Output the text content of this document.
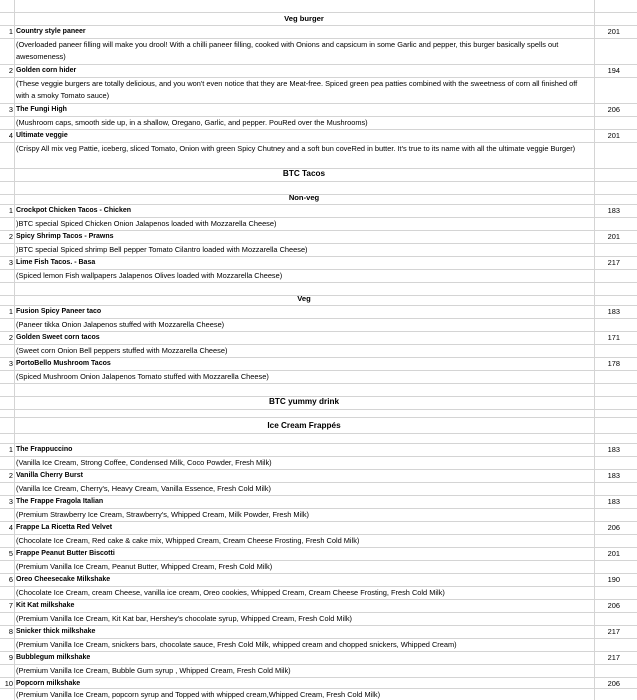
Veg burger
1 Country style paneer	201
(Overloaded paneer filling will make you drool! With a chilli paneer filling, cooked with Onions and capsicum in some Garlic and pepper, this burger basically spells out awesomeness)
2 Golden corn hider	194
(These veggie burgers are totally delicious, and you won't even notice that they are Meat-free. Spiced green pea patties combined with the sweetness of corn all finished off with a smoky Tomato sauce)
3 The Fungi High	206
(Mushroom caps, smooth side up, in a shallow, Oregano, Garlic, and pepper. PouRed over the Mushrooms)
4 Ultimate veggie	201
(Crispy All mix veg Pattie, iceberg, sliced Tomato, Onion with green Spicy Chutney and a soft bun coveRed in butter. It's true to its name with all the ultimate veggie Burger)
BTC Tacos
Non-veg
1 Crockpot Chicken Tacos - Chicken	183
)BTC special Spiced Chicken Onion Jalapenos loaded with Mozzarella Cheese)
2 Spicy Shrimp Tacos - Prawns	201
)BTC special Spiced shrimp Bell pepper Tomato Cilantro loaded with Mozzarella Cheese)
3 Lime Fish Tacos. - Basa	217
(Spiced lemon Fish wallpapers Jalapenos Olives loaded with Mozzarella Cheese)
Veg
1 Fusion Spicy Paneer taco	183
(Paneer tikka Onion Jalapenos stuffed with Mozzarella Cheese)
2 Golden Sweet corn tacos	171
(Sweet corn Onion Bell peppers stuffed with Mozzarella Cheese)
3 PortoBello Mushroom Tacos	178
(Spiced Mushroom Onion Jalapenos Tomato stuffed with Mozzarella Cheese)
BTC yummy drink
Ice Cream Frappés
1 The Frappuccino	183
(Vanilla Ice Cream, Strong Coffee, Condensed Milk, Coco Powder, Fresh Milk)
2 Vanilla Cherry Burst	183
(Vanilla Ice Cream, Cherry's, Heavy Cream, Vanilla Essence, Fresh Cold Milk)
3 The Frappe Fragola Italian	183
(Premium Strawberry Ice Cream, Strawberry's, Whipped Cream, Milk Powder, Fresh Milk)
4 Frappe La Ricetta Red Velvet	206
(Chocolate Ice Cream, Red cake & cake mix, Whipped Cream, Cream Cheese Frosting, Fresh Cold Milk)
5 Frappe Peanut Butter Biscotti	201
(Premium Vanilla Ice Cream, Peanut Butter, Whipped Cream, Fresh Cold Milk)
6 Oreo Cheesecake Milkshake	190
(Chocolate Ice Cream, cream Cheese, vanilla ice cream, Oreo cookies, Whipped Cream, Cream Cheese Frosting, Fresh Cold Milk)
7 Kit Kat milkshake	206
(Premium Vanilla Ice Cream, Kit Kat bar, Hershey's chocolate syrup, Whipped Cream, Fresh Cold Milk)
8 Snicker thick milkshake	217
(Premium Vanilla Ice Cream, snickers bars, chocolate sauce, Fresh Cold Milk, whipped cream and chopped snickers, Whipped Cream)
9 Bubblegum milkshake	217
(Premium Vanilla Ice Cream, Bubble Gum syrup , Whipped Cream, Fresh Cold Milk)
10 Popcorn milkshake	206
(Premium Vanilla Ice Cream, popcorn syrup and Topped with whipped cream,Whipped Cream, Fresh Cold Milk)
